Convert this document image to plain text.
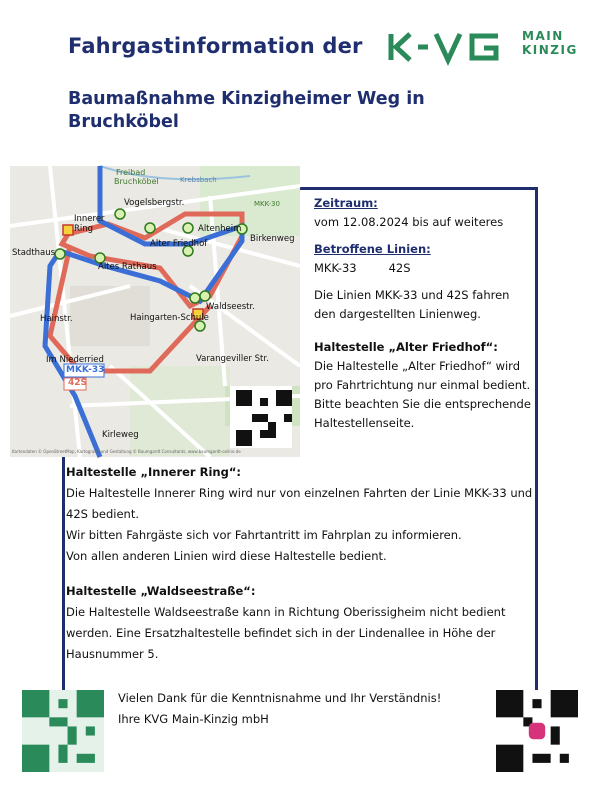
Fahrgastinformation der	MAIN
KINZIG
Baumaßnahme Kinzigheimer Weg in
Bruchköbel
Freibad
Bruchköbel	Krebsbach
Vogelsbergstr.	MKK-30
Innerer
Ring
Alter Friedhof
Altenheim
Birkenweg
Stadthaus
Altes Rathaus
Hainstr.
Waldseestr.
Haingarten-Schule
Im Niederried	Varangeviller Str.
MKK-33
42S
Kirleweg
Kartendaten © OpenStreetMap, Kartografie und Gestaltung © Baumgardt Consultants, www.baumgardt-online.de

Zeitraum:

vom 12.08.2024 bis auf weiteres

Betroffene Linien:

MKK-33	42S

Die Linien MKK-33 und 42S fahren den dargestellten Linienweg.

Haltestelle „Alter Friedhof“:

Die Haltestelle „Alter Friedhof“ wird pro Fahrtrichtung nur einmal bedient. Bitte beachten Sie die entsprechende Haltestellenseite.

Haltestelle „Innerer Ring“:

Die Haltestelle Innerer Ring wird nur von einzelnen Fahrten der Linie MKK-33 und 42S bedient.

Wir bitten Fahrgäste sich vor Fahrtantritt im Fahrplan zu informieren.

Von allen anderen Linien wird diese Haltestelle bedient.

Haltestelle „Waldseestraße“:

Die Haltestelle Waldseestraße kann in Richtung Oberissigheim nicht bedient werden. Eine Ersatzhaltestelle befindet sich in der Lindenallee in Höhe der Hausnummer 5.

Vielen Dank für die Kenntnisnahme und Ihr Verständnis!

Ihre KVG Main-Kinzig mbH
